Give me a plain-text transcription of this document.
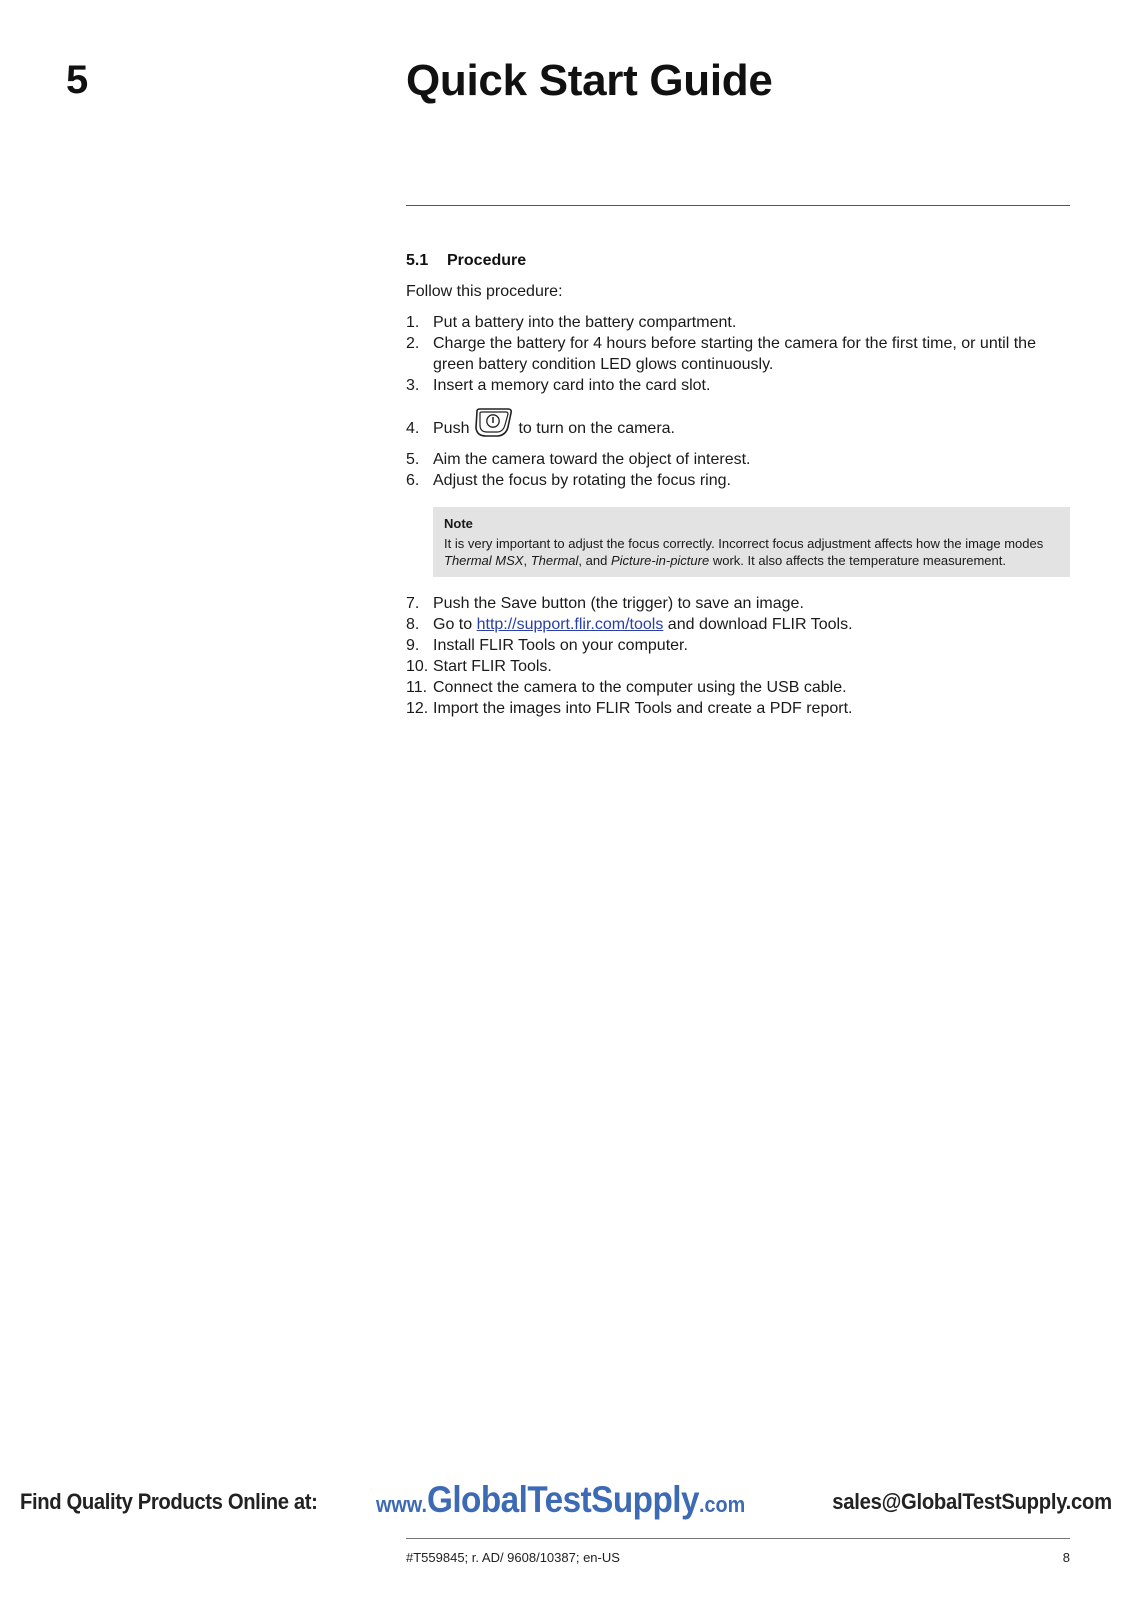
5	Quick Start Guide
5.1 Procedure
Follow this procedure:
1. Put a battery into the battery compartment.
2. Charge the battery for 4 hours before starting the camera for the first time, or until the green battery condition LED glows continuously.
3. Insert a memory card into the card slot.
4. Push	to turn on the camera.
5. Aim the camera toward the object of interest.
6. Adjust the focus by rotating the focus ring.
Note
It is very important to adjust the focus correctly. Incorrect focus adjustment affects how the image modes Thermal MSX, Thermal, and Picture-in-picture work. It also affects the temperature measurement.
7. Push the Save button (the trigger) to save an image.
8. Go to http://support.flir.com/tools and download FLIR Tools.
9. Install FLIR Tools on your computer.
10. Start FLIR Tools.
11. Connect the camera to the computer using the USB cable.
12. Import the images into FLIR Tools and create a PDF report.
Find Quality Products Online at:	www.GlobalTestSupply.com	sales@GlobalTestSupply.com
#T559845; r. AD/ 9608/10387; en-US	8
